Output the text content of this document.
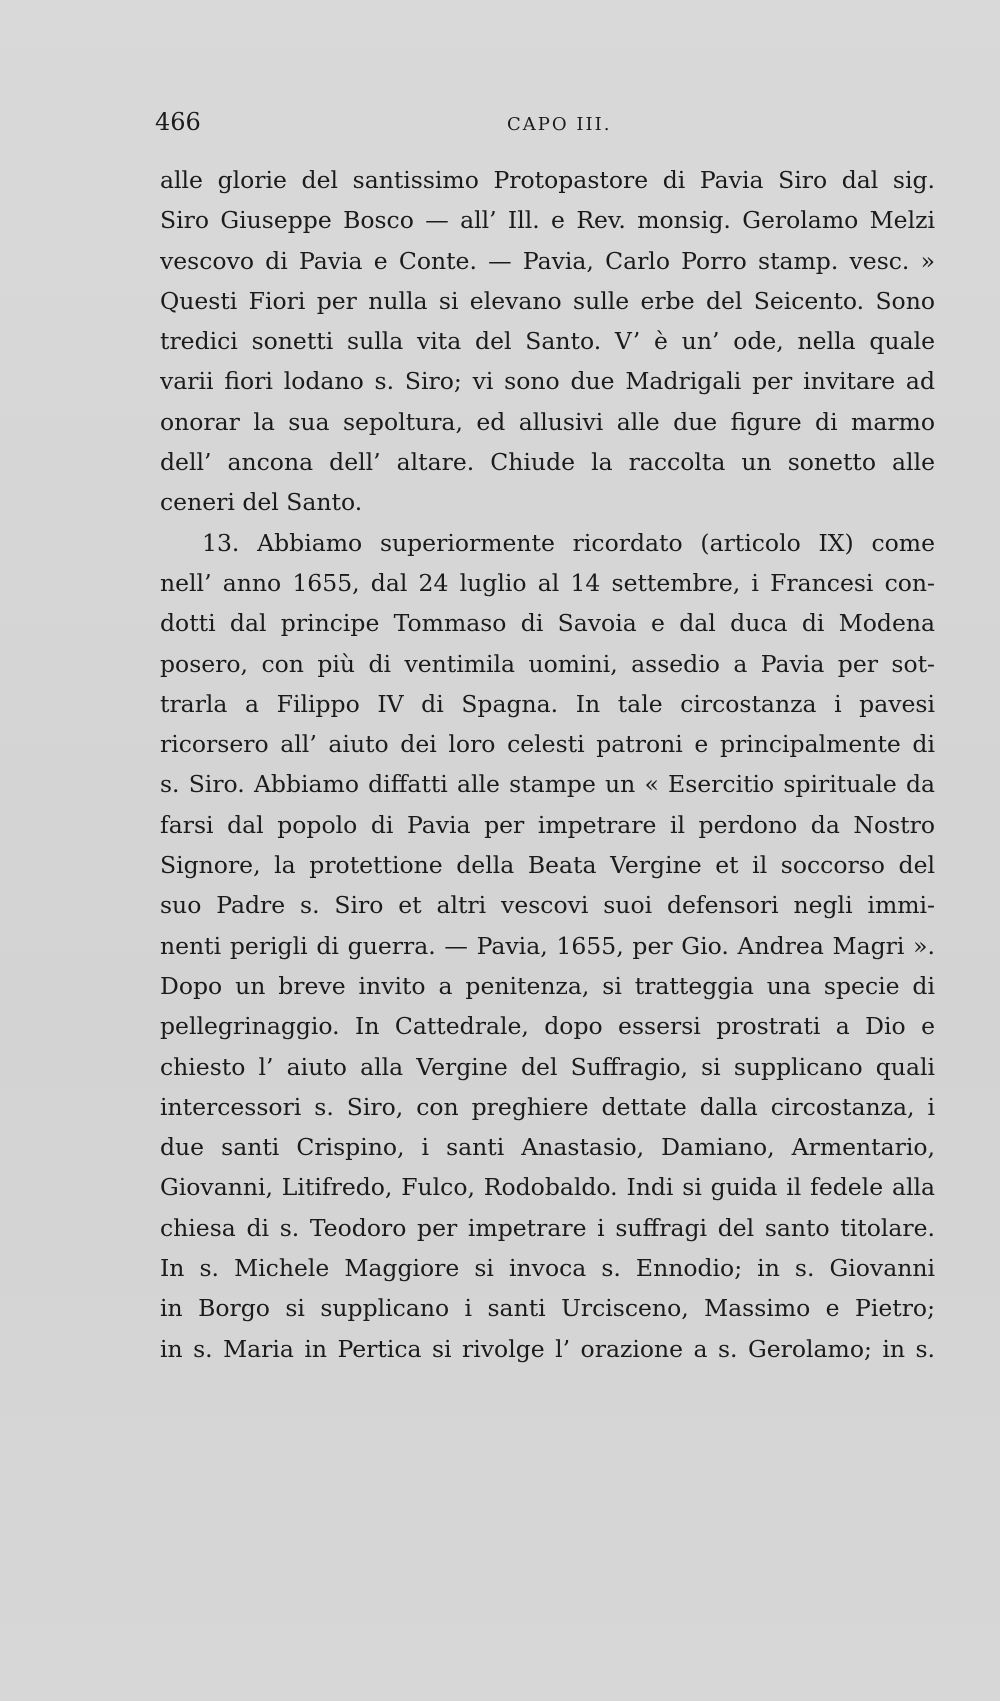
466	CAPO III.
alle glorie del santissimo Protopastore di Pavia Siro dal sig.
Siro Giuseppe Bosco — all’ Ill. e Rev. monsig. Gerolamo Melzi
vescovo di Pavia e Conte. — Pavia, Carlo Porro stamp. vesc. »
Questi Fiori per nulla si elevano sulle erbe del Seicento. Sono
tredici sonetti sulla vita del Santo. V’ è un’ ode, nella quale
varii fiori lodano s. Siro; vi sono due Madrigali per invitare ad
onorar la sua sepoltura, ed allusivi alle due figure di marmo
dell’ ancona dell’ altare. Chiude la raccolta un sonetto alle
ceneri del Santo.
13. Abbiamo superiormente ricordato (articolo IX) come
nell’ anno 1655, dal 24 luglio al 14 settembre, i Francesi con-
dotti dal principe Tommaso di Savoia e dal duca di Modena
posero, con più di ventimila uomini, assedio a Pavia per sot-
trarla a Filippo IV di Spagna. In tale circostanza i pavesi
ricorsero all’ aiuto dei loro celesti patroni e principalmente di
s. Siro. Abbiamo diffatti alle stampe un « Esercitio spirituale da
farsi dal popolo di Pavia per impetrare il perdono da Nostro
Signore, la protettione della Beata Vergine et il soccorso del
suo Padre s. Siro et altri vescovi suoi defensori negli immi-
nenti perigli di guerra. — Pavia, 1655, per Gio. Andrea Magri ».
Dopo un breve invito a penitenza, si tratteggia una specie di
pellegrinaggio. In Cattedrale, dopo essersi prostrati a Dio e
chiesto l’ aiuto alla Vergine del Suffragio, si supplicano quali
intercessori s. Siro, con preghiere dettate dalla circostanza, i
due santi Crispino, i santi Anastasio, Damiano, Armentario,
Giovanni, Litifredo, Fulco, Rodobaldo. Indi si guida il fedele alla
chiesa di s. Teodoro per impetrare i suffragi del santo titolare.
In s. Michele Maggiore si invoca s. Ennodio; in s. Giovanni
in Borgo si supplicano i santi Urcisceno, Massimo e Pietro;
in s. Maria in Pertica si rivolge l’ orazione a s. Gerolamo; in s.
